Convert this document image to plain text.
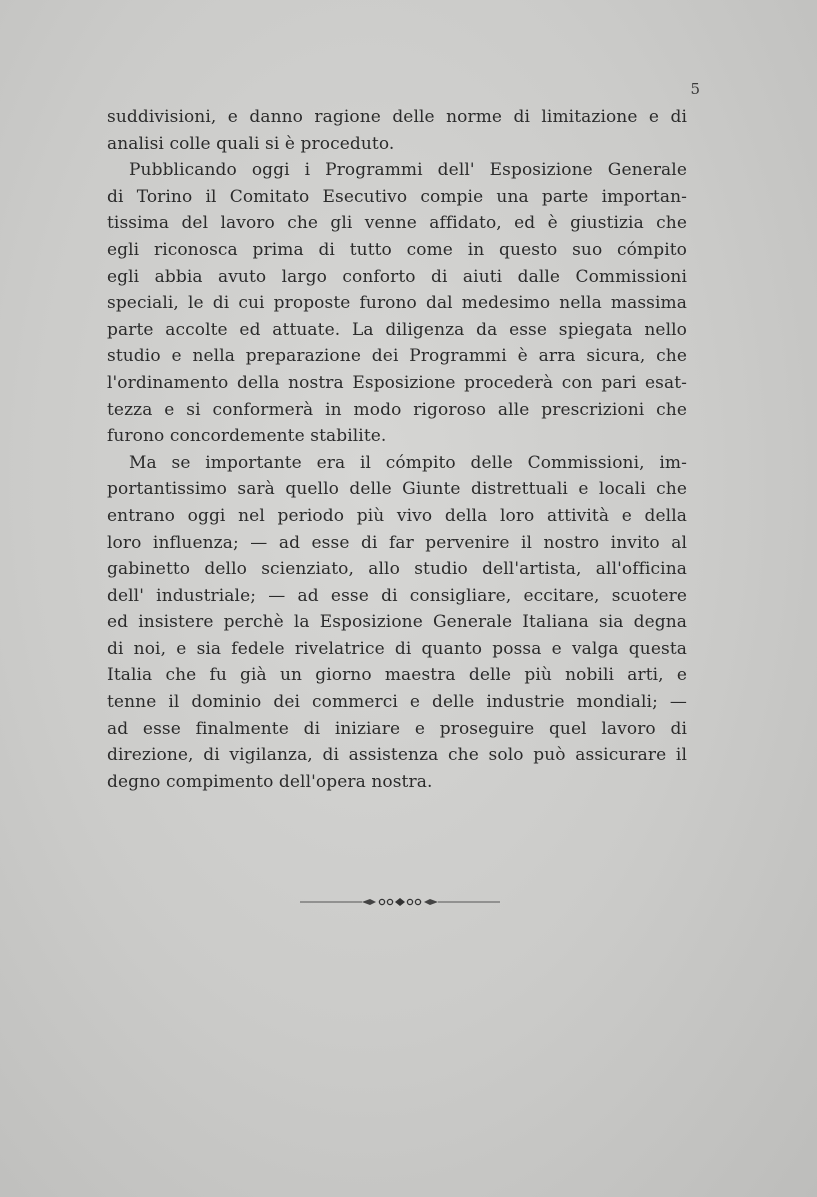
5
suddivisioni, e danno ragione delle norme di limitazione e di
analisi colle quali si è proceduto.
Pubblicando oggi i Programmi dell' Esposizione Generale
di Torino il Comitato Esecutivo compie una parte importan-
tissima del lavoro che gli venne affidato, ed è giustizia che
egli riconosca prima di tutto come in questo suo cómpito
egli abbia avuto largo conforto di aiuti dalle Commissioni
speciali, le di cui proposte furono dal medesimo nella massima
parte accolte ed attuate. La diligenza da esse spiegata nello
studio e nella preparazione dei Programmi è arra sicura, che
l'ordinamento della nostra Esposizione procederà con pari esat-
tezza e si conformerà in modo rigoroso alle prescrizioni che
furono concordemente stabilite.
Ma se importante era il cómpito delle Commissioni, im-
portantissimo sarà quello delle Giunte distrettuali e locali che
entrano oggi nel periodo più vivo della loro attività e della
loro influenza; — ad esse di far pervenire il nostro invito al
gabinetto dello scienziato, allo studio dell'artista, all'officina
dell' industriale; — ad esse di consigliare, eccitare, scuotere
ed insistere perchè la Esposizione Generale Italiana sia degna
di noi, e sia fedele rivelatrice di quanto possa e valga questa
Italia che fu già un giorno maestra delle più nobili arti, e
tenne il dominio dei commerci e delle industrie mondiali; —
ad esse finalmente di iniziare e proseguire quel lavoro di
direzione, di vigilanza, di assistenza che solo può assicurare il
degno compimento dell'opera nostra.
